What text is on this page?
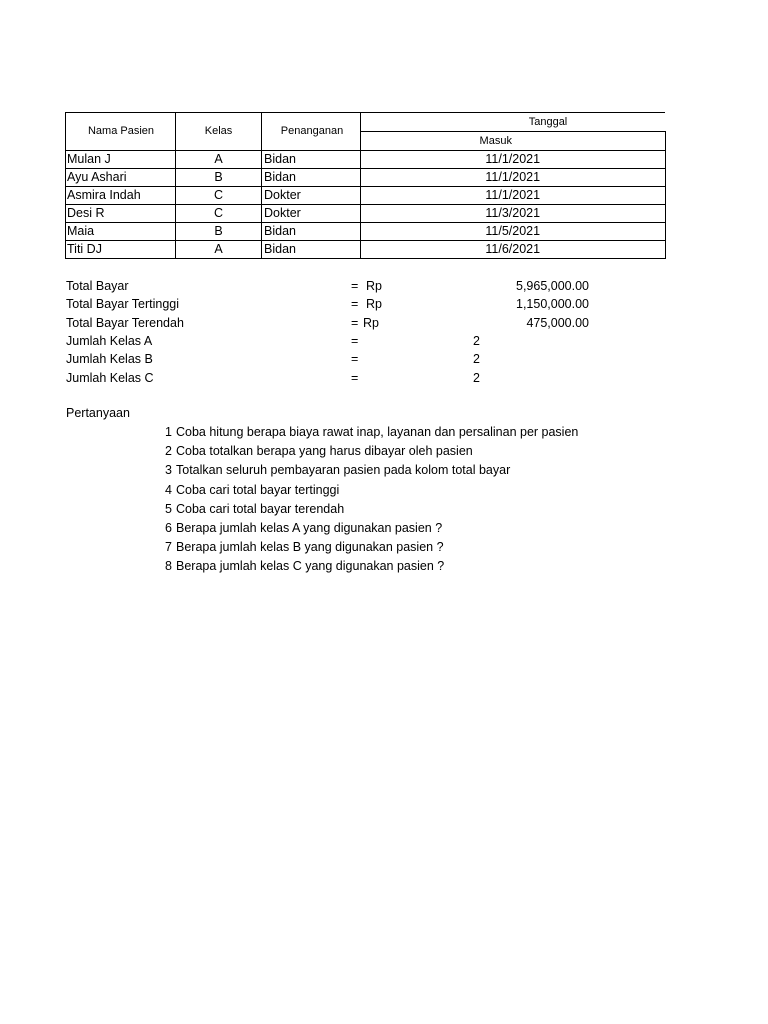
Nama Pasien	Kelas	Penanganan	Tanggal
			Masuk
Mulan J	A	Bidan	11/1/2021
Ayu Ashari	B	Bidan	11/1/2021
Asmira Indah	C	Dokter	11/1/2021
Desi R	C	Dokter	11/3/2021
Maia	B	Bidan	11/5/2021
Titi DJ	A	Bidan	11/6/2021
Total Bayar	= Rp	5,965,000.00
Total Bayar Tertinggi	= Rp	1,150,000.00
Total Bayar Terendah	= Rp	475,000.00
Jumlah Kelas A	=	2
Jumlah Kelas B	=	2
Jumlah Kelas C	=	2
Pertanyaan
1 Coba hitung berapa biaya rawat inap, layanan dan persalinan per pasien
2 Coba totalkan berapa yang harus dibayar oleh pasien
3 Totalkan seluruh pembayaran pasien pada kolom total bayar
4 Coba cari total bayar tertinggi
5 Coba cari total bayar terendah
6 Berapa jumlah kelas A yang digunakan pasien ?
7 Berapa jumlah kelas B yang digunakan pasien ?
8 Berapa jumlah kelas C yang digunakan pasien ?
